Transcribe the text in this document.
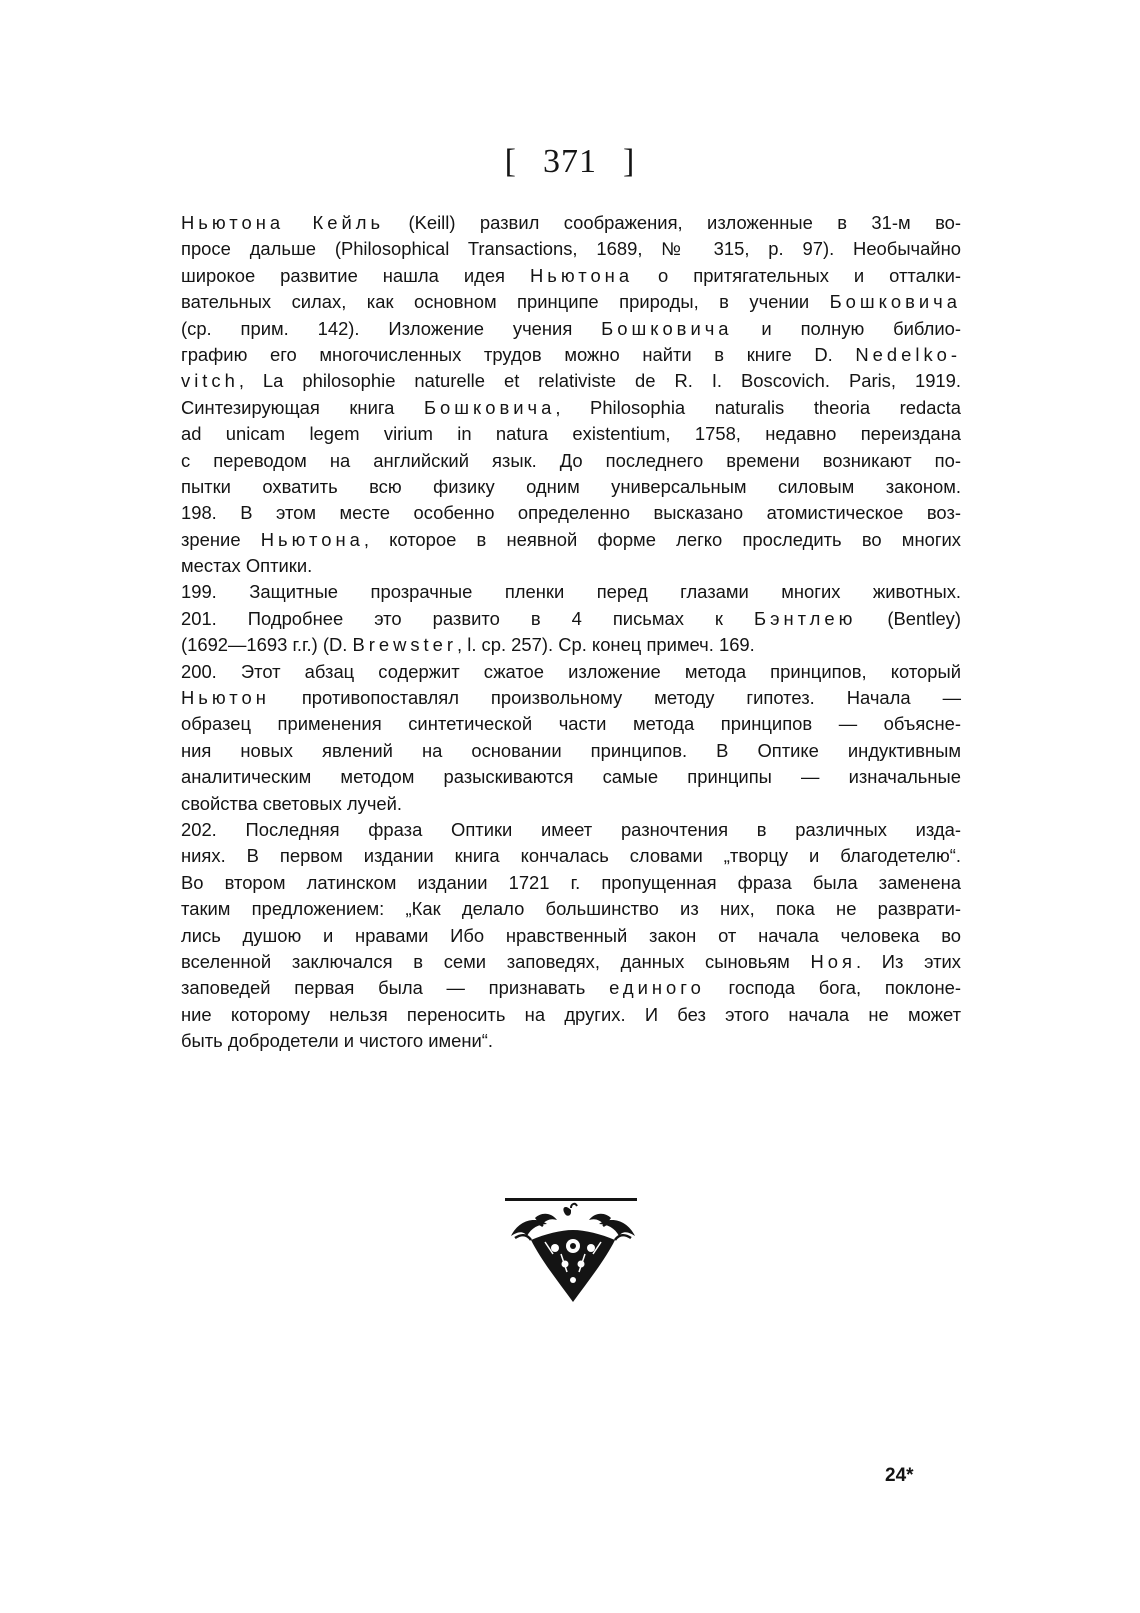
[ 371 ]
Ньютона Кейль (Keill) развил соображения, изложенные в 31-м во-
просе дальше (Philosophical Transactions, 1689, № 315, p. 97). Необычайно
широкое развитие нашла идея Ньютона о притягательных и отталки-
вательных силах, как основном принципе природы, в учении Бошковича
(ср. прим. 142). Изложение учения Бошковича и полную библио-
графию его многочисленных трудов можно найти в книге D. Nedelko-
vitch, La philosophie naturelle et relativiste de R. I. Boscovich. Paris, 1919.
Синтезирующая книга Бошковича, Philosophia naturalis theoria redacta
ad unicam legem virium in natura existentium, 1758, недавно переиздана
с переводом на английский язык. До последнего времени возникают по-
пытки охватить всю физику одним универсальным силовым законом.
198. В этом месте особенно определенно высказано атомистическое воз-
зрение Ньютона, которое в неявной форме легко проследить во многих
местах Оптики.
199. Защитные прозрачные пленки перед глазами многих животных.
201. Подробнее это развито в 4 письмах к Бэнтлею (Bentley)
(1692—1693 г.г.) (D. Brewster, l. cp. 257). Ср. конец примеч. 169.
200. Этот абзац содержит сжатое изложение метода принципов, который
Ньютон противопоставлял произвольному методу гипотез. Начала —
образец применения синтетической части метода принципов — объясне-
ния новых явлений на основании принципов. В Оптике индуктивным
аналитическим методом разыскиваются самые принципы — изначальные
свойства световых лучей.
202. Последняя фраза Оптики имеет разночтения в различных изда-
ниях. В первом издании книга кончалась словами „творцу и благодетелю“.
Во втором латинском издании 1721 г. пропущенная фраза была заменена
таким предложением: „Как делало большинство из них, пока не разврати-
лись душою и нравами Ибо нравственный закон от начала человека во
вселенной заключался в семи заповедях, данных сыновьям Ноя. Из этих
заповедей первая была — признавать единого господа бога, поклоне-
ние которому нельзя переносить на других. И без этого начала не может
быть добродетели и чистого имени“.
24*
